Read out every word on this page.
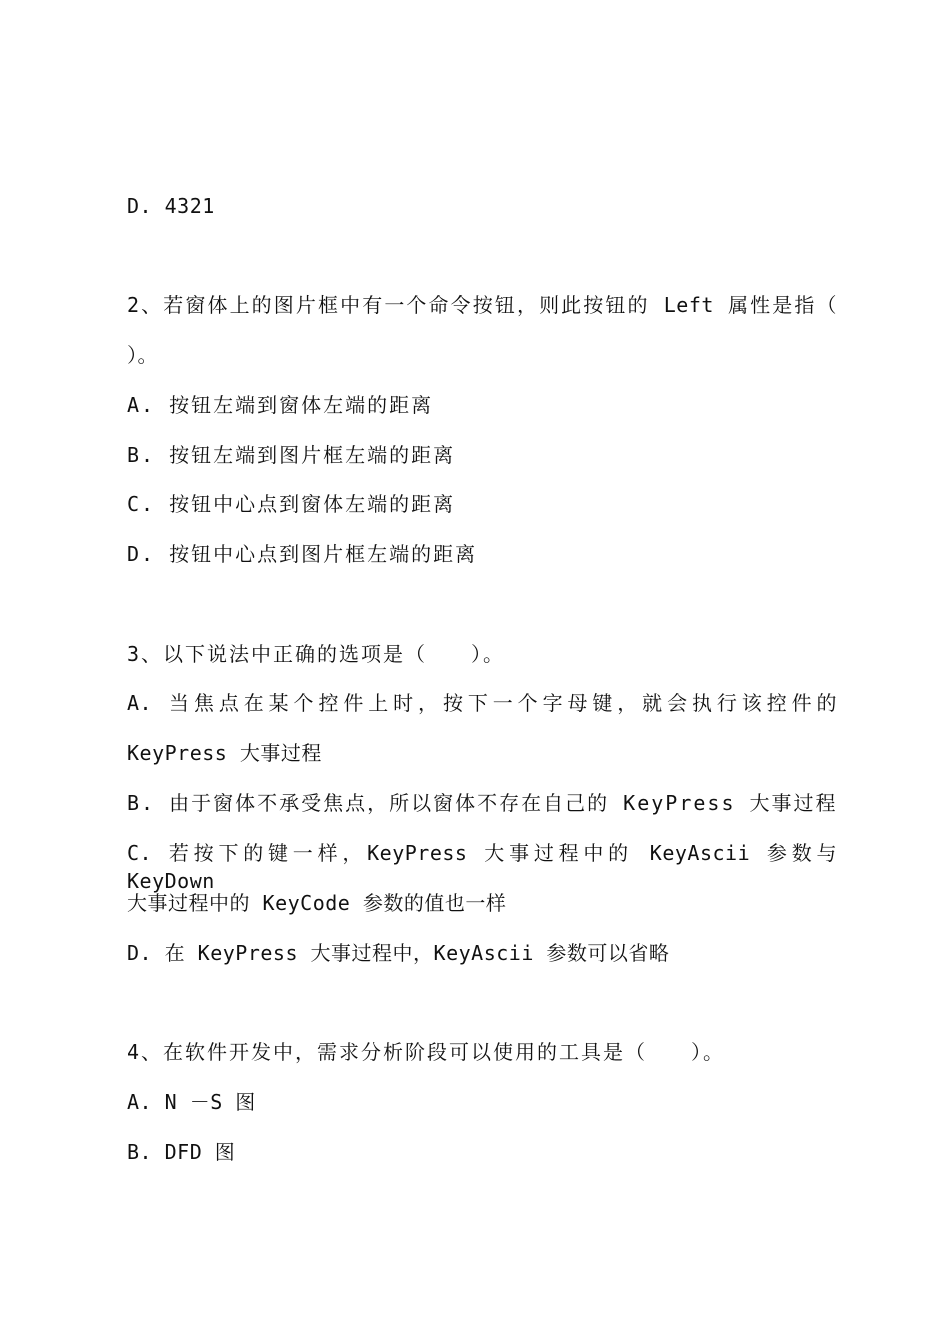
D. 4321
2、若窗体上的图片框中有一个命令按钮，则此按钮的 Left 属性是指（
）。
A. 按钮左端到窗体左端的距离
B. 按钮左端到图片框左端的距离
C. 按钮中心点到窗体左端的距离
D. 按钮中心点到图片框左端的距离
3、以下说法中正确的选项是（　　）。
A. 当焦点在某个控件上时，按下一个字母键，就会执行该控件的
KeyPress 大事过程
B. 由于窗体不承受焦点，所以窗体不存在自己的 KeyPress 大事过程
C. 若按下的键一样，KeyPress 大事过程中的 KeyAscii 参数与 KeyDown
大事过程中的 KeyCode 参数的值也一样
D. 在 KeyPress 大事过程中，KeyAscii 参数可以省略
4、在软件开发中，需求分析阶段可以使用的工具是（　　）。
A. N －S 图
B. DFD 图
